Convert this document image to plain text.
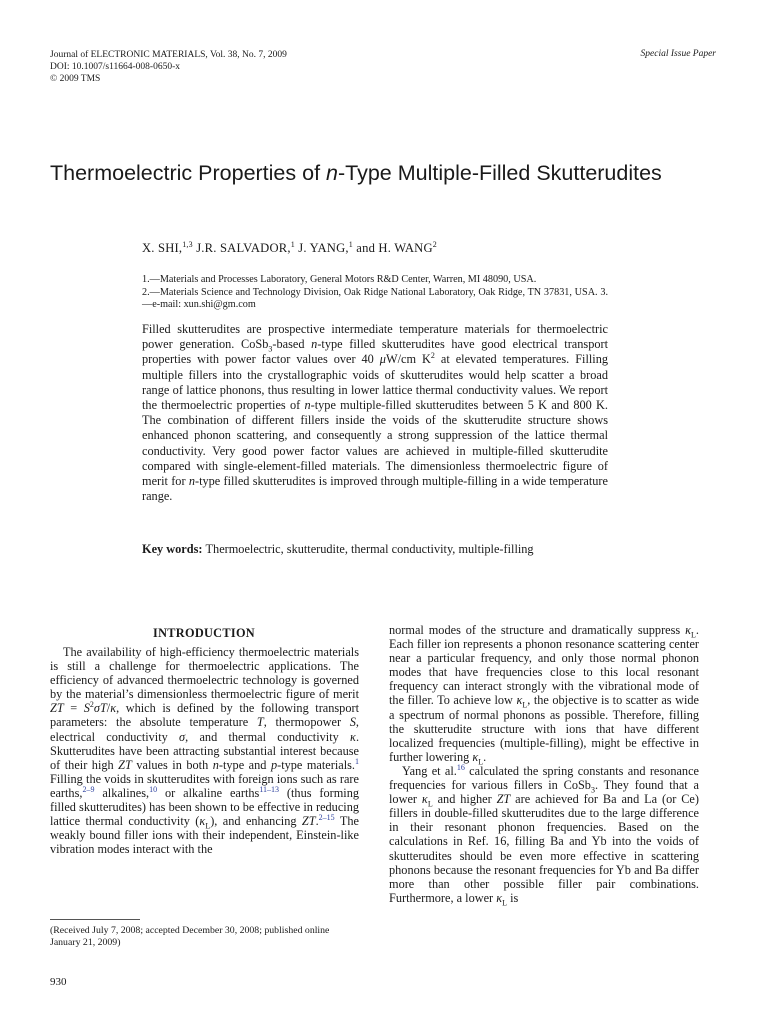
Journal of ELECTRONIC MATERIALS, Vol. 38, No. 7, 2009
DOI: 10.1007/s11664-008-0650-x
© 2009 TMS
Special Issue Paper
Thermoelectric Properties of n-Type Multiple-Filled Skutterudites
X. SHI,$^{1,3}$ J.R. SALVADOR,$^1$ J. YANG,$^1$ and H. WANG$^2$
1.—Materials and Processes Laboratory, General Motors R&D Center, Warren, MI 48090, USA.
2.—Materials Science and Technology Division, Oak Ridge National Laboratory, Oak Ridge, TN 37831, USA. 3.—e-mail: xun.shi@gm.com
Filled skutterudites are prospective intermediate temperature materials for thermoelectric power generation. CoSb$_3$-based n-type filled skutterudites have good electrical transport properties with power factor values over 40 μW/cm $K^2$ at elevated temperatures. Filling multiple fillers into the crystallographic voids of skutterudites would help scatter a broad range of lattice phonons, thus resulting in lower lattice thermal conductivity values. We report the thermoelectric properties of n-type multiple-filled skutterudites between 5 K and 800 K. The combination of different fillers inside the voids of the skutterudite structure shows enhanced phonon scattering, and consequently a strong suppression of the lattice thermal conductivity. Very good power factor values are achieved in multiple-filled skutterudite compared with single-element-filled materials. The dimensionless thermoelectric figure of merit for n-type filled skutterudites is improved through multiple-filling in a wide temperature range.
Key words: Thermoelectric, skutterudite, thermal conductivity, multiple-filling
INTRODUCTION

The availability of high-efficiency thermoelectric materials is still a challenge for thermoelectric applications. The efficiency of advanced thermoelectric technology is governed by the material’s dimensionless thermoelectric figure of merit ZT = $S^2\sigma T/\kappa$, which is defined by the following transport parameters: the absolute temperature T, thermopower S, electrical conductivity σ, and thermal conductivity κ. Skutterudites have been attracting substantial interest because of their high ZT values in both n-type and p-type materials.$^1$ Filling the voids in skutterudites with foreign ions such as rare earths,$^{2-9}$ alkalines,$^{10}$ or alkaline earths$^{11-13}$ (thus forming filled skutterudites) has been shown to be effective in reducing lattice thermal conductivity $(\kappa_L)$, and enhancing ZT.$^{2-15}$ The weakly bound filler ions with their independent, Einstein-like vibration modes interact with the

normal modes of the structure and dramatically suppress $\kappa_L$. Each filler ion represents a phonon resonance scattering center near a particular frequency, and only those normal phonon modes that have frequencies close to this local resonant frequency can interact strongly with the vibrational mode of the filler. To achieve low $\kappa_L$, the objective is to scatter as wide a spectrum of normal phonons as possible. Therefore, filling the skutterudite structure with ions that have different localized frequencies (multiple-filling), might be effective in further lowering $\kappa_L$.

Yang et al.$^{16}$ calculated the spring constants and resonance frequencies for various fillers in CoSb$_3$. They found that a lower $\kappa_L$ and higher ZT are achieved for Ba and La (or Ce) fillers in double-filled skutterudites due to the large difference in their resonant phonon frequencies. Based on the calculations in Ref. 16, filling Ba and Yb into the voids of skutterudites should be even more effective in scattering phonons because the resonant frequencies for Yb and Ba differ more than other possible filler pair combinations. Furthermore, a lower $\kappa_L$ is

(Received July 7, 2008; accepted December 30, 2008; published online January 21, 2009)
930
